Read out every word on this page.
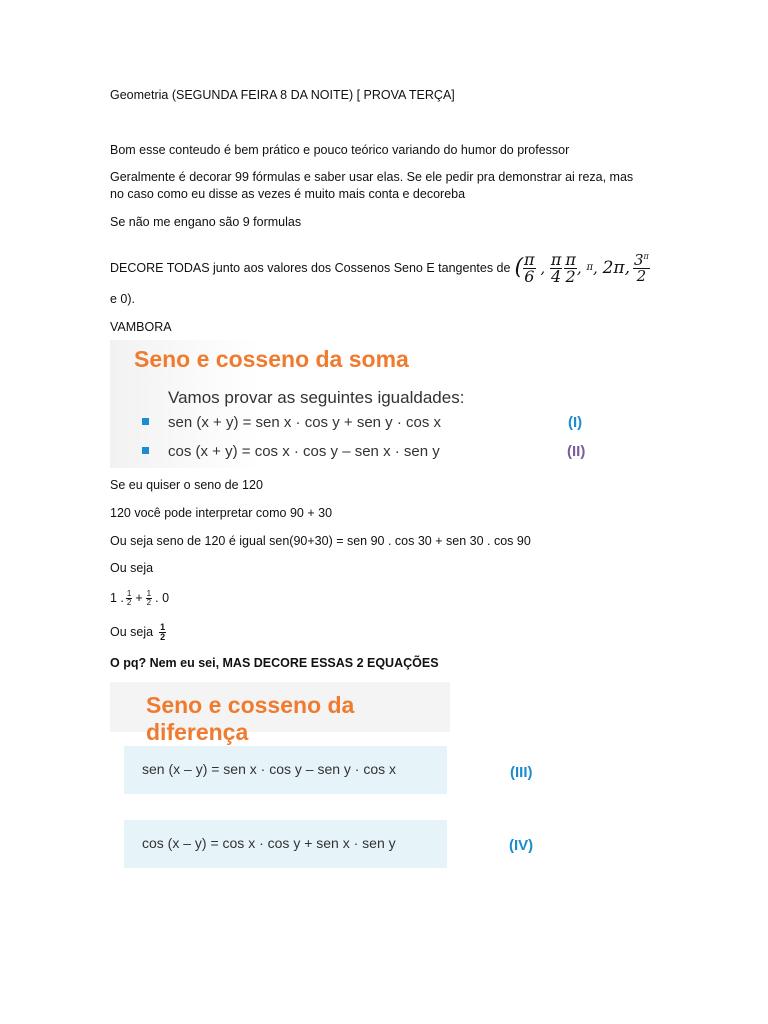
Geometria (SEGUNDA FEIRA 8 DA NOITE) [ PROVA TERÇA]
Bom esse conteudo é bem prático e pouco teórico variando do humor do professor
Geralmente é decorar 99 fórmulas e saber usar elas. Se ele pedir pra demonstrar ai reza, mas
no caso como eu disse as vezes é muito mais conta e decoreba
Se não me engano são 9 formulas
DECORE TODAS junto aos valores dos Cossenos Seno E tangentes de ( $\frac{\pi}{6}$ , $\frac{\pi}{4} \frac{\pi}{2}$ , π , 2π, $\frac{3^\pi}{2}$
e 0).
VAMBORA
Seno e cosseno da soma
Vamos provar as seguintes igualdades:
sen (x + y) = sen x · cos y + sen y · cos x	(I)
cos (x + y) = cos x · cos y – sen x · sen y	(II)
Se eu quiser o seno de 120
120 você pode interpretar como 90 + 30
Ou seja seno de 120 é igual sen(90+30) = sen 90 . cos 30 + sen 30 . cos 90
Ou seja
1 . $\frac{1}{2} + \frac{1}{2}$ . 0
Ou seja $\frac{1}{2}$
O pq? Nem eu sei, MAS DECORE ESSAS 2 EQUAÇÕES
Seno e cosseno da diferença
sen (x – y) = sen x · cos y – sen y · cos x	(III)
cos (x – y) = cos x · cos y + sen x · sen y	(IV)
